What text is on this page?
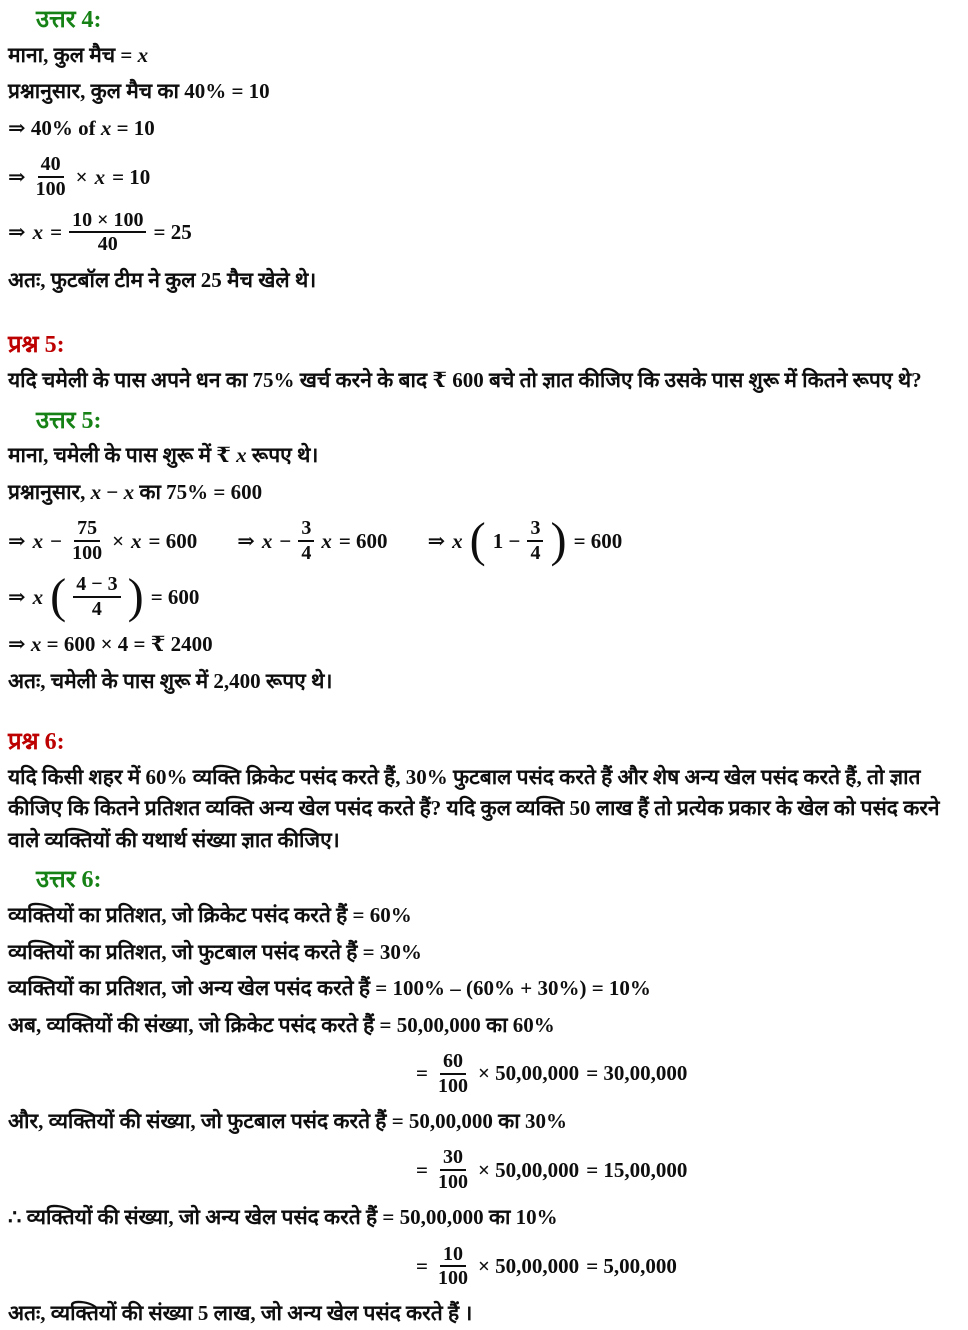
उत्तर 4:
माना, कुल मैच = x
प्रश्नानुसार, कुल मैच का 40% = 10
⇒ 40% of x = 10
⇒ $\frac{40}{100} \times x = 10$
⇒ $x = \frac{10 \times 100}{40} = 25$
अतः, फुटबॉल टीम ने कुल 25 मैच खेले थे।
प्रश्न 5:
यदि चमेली के पास अपने धन का 75% खर्च करने के बाद ₹ 600 बचे तो ज्ञात कीजिए कि उसके पास शुरू में कितने रूपए थे?
उत्तर 5:
माना, चमेली के पास शुरू में ₹ x रूपए थे।
प्रश्नानुसार, x − x का 75% = 600
⇒ $x - \frac{75}{100} \times x = 600$ ⇒ $x - \frac{3}{4}$ x = 600 ⇒ x ( $1 - \frac{3}{4}$ ) = 600
⇒ x ( $\frac{4 - 3}{4}$ ) = 600
⇒ x = 600 × 4 = ₹ 2400
अतः, चमेली के पास शुरू में 2,400 रूपए थे।
प्रश्न 6:
यदि किसी शहर में 60% व्यक्ति क्रिकेट पसंद करते हैं, 30% फुटबाल पसंद करते हैं और शेष अन्य खेल पसंद करते हैं, तो ज्ञात कीजिए कि कितने प्रतिशत व्यक्ति अन्य खेल पसंद करते हैं? यदि कुल व्यक्ति 50 लाख हैं तो प्रत्येक प्रकार के खेल को पसंद करने वाले व्यक्तियों की यथार्थ संख्या ज्ञात कीजिए।
उत्तर 6:
व्यक्तियों का प्रतिशत, जो क्रिकेट पसंद करते हैं = 60%
व्यक्तियों का प्रतिशत, जो फुटबाल पसंद करते हैं = 30%
व्यक्तियों का प्रतिशत, जो अन्य खेल पसंद करते हैं = 100% – (60% + 30%) = 10%
अब, व्यक्तियों की संख्या, जो क्रिकेट पसंद करते हैं = 50,00,000 का 60%
= $\frac{60}{100} \times 50,00,000 = 30,00,000$
और, व्यक्तियों की संख्या, जो फुटबाल पसंद करते हैं = 50,00,000 का 30%
= $\frac{30}{100} \times 50,00,000 = 15,00,000$
∴ व्यक्तियों की संख्या, जो अन्य खेल पसंद करते हैं = 50,00,000 का 10%
= $\frac{10}{100} \times 50,00,000 = 5,00,000$
अतः, व्यक्तियों की संख्या 5 लाख, जो अन्य खेल पसंद करते हैं ।
